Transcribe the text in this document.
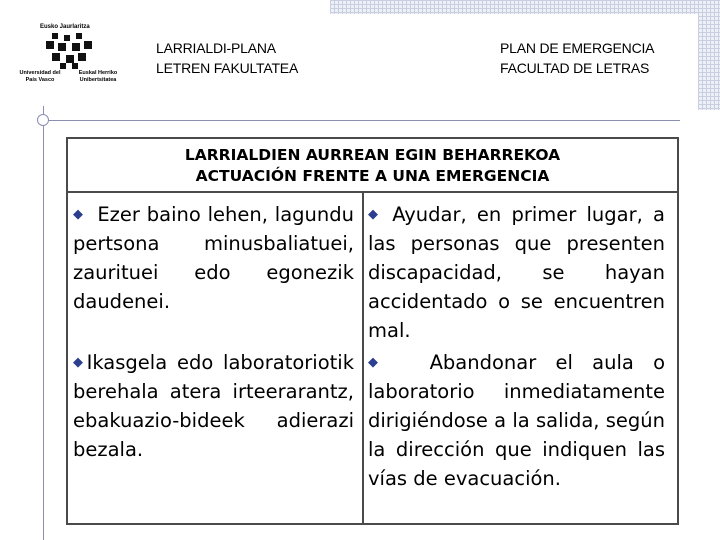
Eusko Jaurlaritza
Universidad del País Vasco
Euskal Herriko Unibertsitatea
LARRIALDI-PLANA
LETREN FAKULTATEA
PLAN DE EMERGENCIA
FACULTAD DE LETRAS
LARRIALDIEN AURREAN EGIN BEHARREKOA
ACTUACIÓN FRENTE A UNA EMERGENCIA
◆ Ezer baino lehen, lagundu pertsona minusbaliatuei, zaurituei edo egonezik daudenei.
◆ Ayudar, en primer lugar, a las personas que presenten discapacidad, se hayan accidentado o se encuentren mal.
◆Ikasgela edo laboratoriotik berehala atera irteerarantz, ebakuazio-bideek adierazi bezala.
◆ Abandonar el aula o laboratorio inmediatamente dirigiéndose a la salida, según la dirección que indiquen las vías de evacuación.
